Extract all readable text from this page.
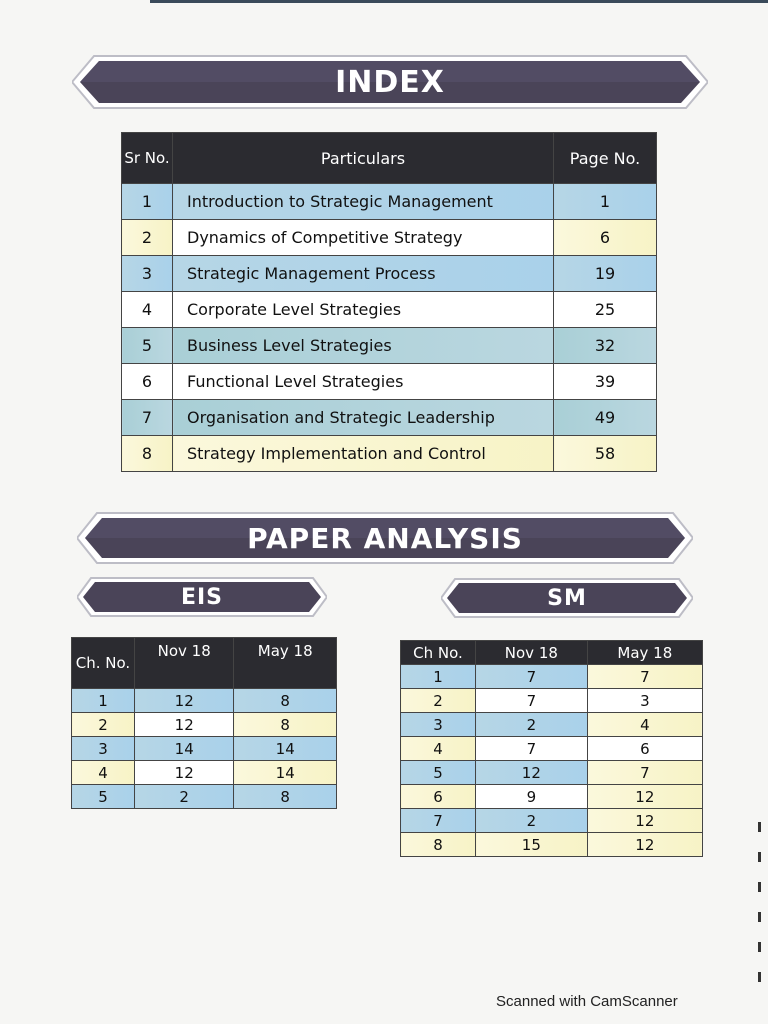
INDEX
Sr No.	Particulars	Page No.
1	Introduction to Strategic Management	1
2	Dynamics of Competitive Strategy	6
3	Strategic Management Process	19
4	Corporate Level Strategies	25
5	Business Level Strategies	32
6	Functional Level Strategies	39
7	Organisation and Strategic Leadership	49
8	Strategy Implementation and Control	58
PAPER ANALYSIS
EIS	SM
Ch. No.	Nov 18	May 18
1	12	8
2	12	8
3	14	14
4	12	14
5	2	8
Ch No.	Nov 18	May 18
1	7	7
2	7	3
3	2	4
4	7	6
5	12	7
6	9	12
7	2	12
8	15	12
Scanned with CamScanner
